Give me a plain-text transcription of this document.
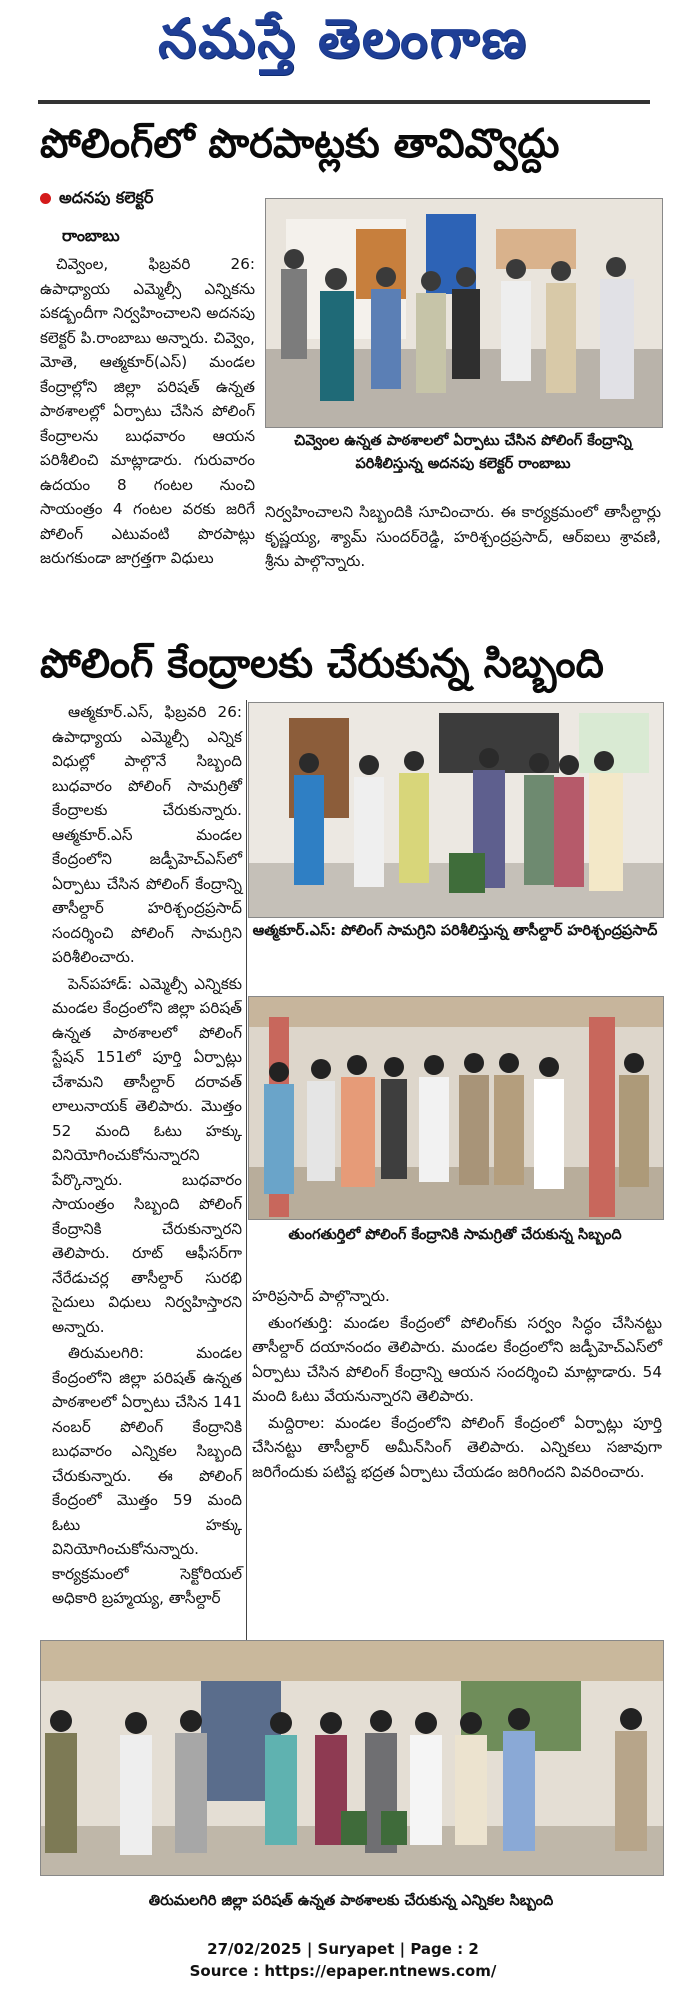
నమస్తే తెలంగాణ
పోలింగ్‌లో పొరపాట్లకు తావివ్వొద్దు
అదనపు కలెక్టర్
రాంబాబు

చివ్వెంల, ఫిబ్రవరి 26: ఉపాధ్యాయ ఎమ్మెల్సీ ఎన్నికను పకడ్బందీగా నిర్వహించాలని అదనపు కలెక్టర్ పి.రాంబాబు అన్నారు. చివ్వెం, మోతె, ఆత్మకూర్(ఎస్) మండల కేంద్రాల్లోని జిల్లా పరిషత్ ఉన్నత పాఠశాలల్లో ఏర్పాటు చేసిన పోలింగ్ కేంద్రాలను బుధవారం ఆయన పరిశీలించి మాట్లాడారు. గురువారం ఉదయం 8 గంటల నుంచి సాయంత్రం 4 గంటల వరకు జరిగే పోలింగ్ ఎటువంటి పొరపాట్లు జరుగకుండా జాగ్రత్తగా విధులు

చివ్వెంల ఉన్నత పాఠశాలలో ఏర్పాటు చేసిన పోలింగ్ కేంద్రాన్ని పరిశీలిస్తున్న అదనపు కలెక్టర్ రాంబాబు

నిర్వహించాలని సిబ్బందికి సూచించారు. ఈ కార్యక్రమంలో తాసీల్దార్లు కృష్ణయ్య, శ్యామ్ సుందర్‌రెడ్డి, హరిశ్చంద్రప్రసాద్, ఆర్ఐలు శ్రావణి, శ్రీను పాల్గొన్నారు.

పోలింగ్ కేంద్రాలకు చేరుకున్న సిబ్బంది

ఆత్మకూర్.ఎస్, ఫిబ్రవరి 26: ఉపాధ్యాయ ఎమ్మెల్సీ ఎన్నిక విధుల్లో పాల్గొనే సిబ్బంది బుధవారం పోలింగ్ సామగ్రితో కేంద్రాలకు చేరుకున్నారు. ఆత్మకూర్.ఎస్ మండల కేంద్రంలోని జడ్పీహెచ్ఎస్‌లో ఏర్పాటు చేసిన పోలింగ్ కేంద్రాన్ని తాసీల్దార్ హరిశ్చంద్రప్రసాద్ సందర్శించి పోలింగ్ సామగ్రిని పరిశీలించారు.

పెన్‌పహాడ్: ఎమ్మెల్సీ ఎన్నికకు మండల కేంద్రంలోని జిల్లా పరిషత్ ఉన్నత పాఠశాలలో పోలింగ్ స్టేషన్ 151లో పూర్తి ఏర్పాట్లు చేశామని తాసీల్దార్ దరావత్ లాలునాయక్ తెలిపారు. మొత్తం 52 మంది ఓటు హక్కు వినియోగించుకోనున్నారని పేర్కొన్నారు. బుధవారం సాయంత్రం సిబ్బంది పోలింగ్ కేంద్రానికి చేరుకున్నారని తెలిపారు. రూట్ ఆఫీసర్‌గా నేరేడుచర్ల తాసీల్దార్ సురభి సైదులు విధులు నిర్వహిస్తారని అన్నారు.

తిరుమలగిరి: మండల కేంద్రంలోని జిల్లా పరిషత్ ఉన్నత పాఠశాలలో ఏర్పాటు చేసిన 141 నంబర్ పోలింగ్ కేంద్రానికి బుధవారం ఎన్నికల సిబ్బంది చేరుకున్నారు. ఈ పోలింగ్ కేంద్రంలో మొత్తం 59 మంది ఓటు హక్కు వినియోగించుకోనున్నారు. కార్యక్రమంలో సెక్టోరియల్ అధికారి బ్రహ్మయ్య, తాసీల్దార్

ఆత్మకూర్.ఎస్: పోలింగ్ సామగ్రిని పరిశీలిస్తున్న తాసీల్దార్ హరిశ్చంద్రప్రసాద్
తుంగతుర్తిలో పోలింగ్ కేంద్రానికి సామగ్రితో చేరుకున్న సిబ్బంది

హరిప్రసాద్ పాల్గొన్నారు.

తుంగతుర్తి: మండల కేంద్రంలో పోలింగ్‌కు సర్వం సిద్ధం చేసినట్టు తాసీల్దార్ దయానందం తెలిపారు. మండల కేంద్రంలోని జడ్పీహెచ్ఎస్‌లో ఏర్పాటు చేసిన పోలింగ్ కేంద్రాన్ని ఆయన సందర్శించి మాట్లాడారు. 54 మంది ఓటు వేయనున్నారని తెలిపారు.

మద్దిరాల: మండల కేంద్రంలోని పోలింగ్ కేంద్రంలో ఏర్పాట్లు పూర్తి చేసినట్టు తాసీల్దార్ అమీన్‌సింగ్ తెలిపారు. ఎన్నికలు సజావుగా జరిగేందుకు పటిష్ట భద్రత ఏర్పాటు చేయడం జరిగిందని వివరించారు.

తిరుమలగిరి జిల్లా పరిషత్ ఉన్నత పాఠశాలకు చేరుకున్న ఎన్నికల సిబ్బంది
27/02/2025 | Suryapet | Page : 2
Source : https://epaper.ntnews.com/
